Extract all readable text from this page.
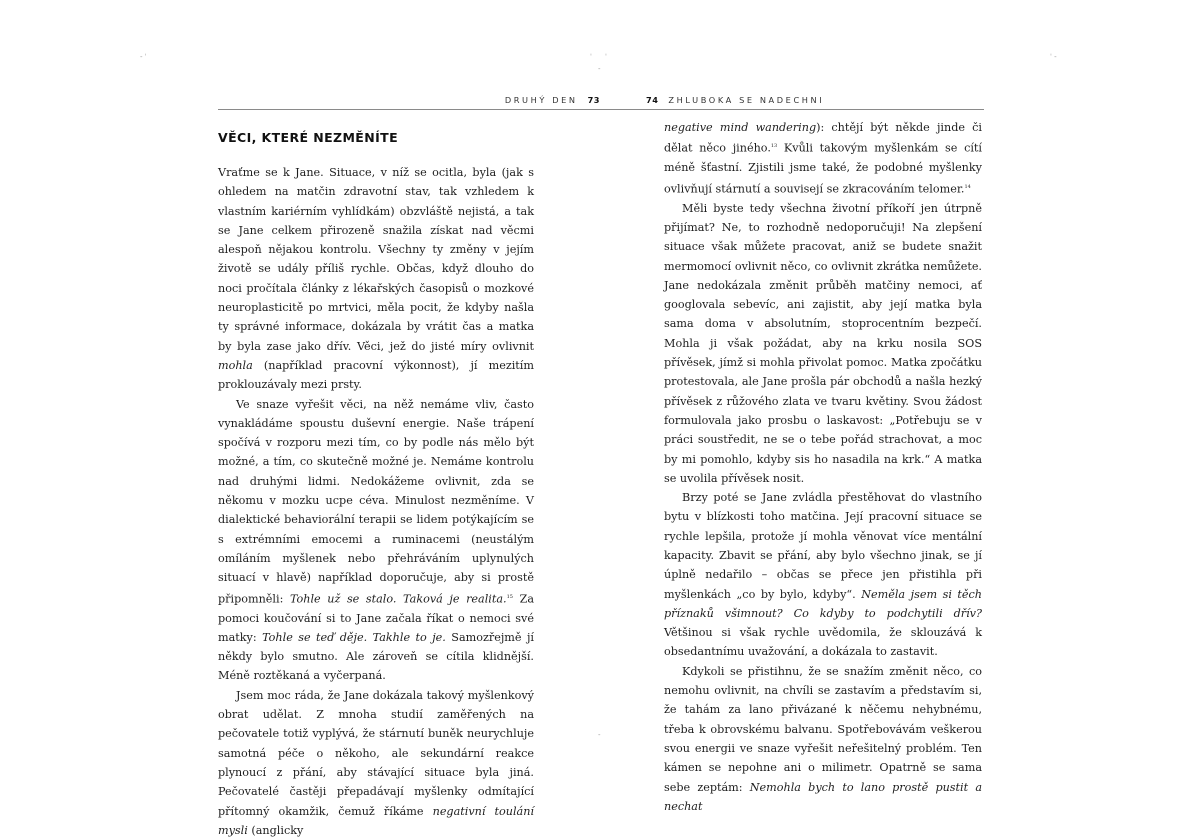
- ˈ	ˈ ˈ
-
ˈ -
-
DRUHÝ DEN 73
VĚCI, KTERÉ NEZMĚNÍTE

Vraťme se k Jane. Situace, v níž se ocitla, byla (jak s ohledem na matčin zdravotní stav, tak vzhledem k vlastním kariérním vyhlídkám) obzvláště nejistá, a tak se Jane celkem přirozeně snažila získat nad věcmi alespoň nějakou kontrolu. Všechny ty změny v jejím životě se udály příliš rychle. Občas, když dlouho do noci pročítala články z lékařských časopisů o mozkové neuroplasticitě po mrtvici, měla pocit, že kdyby našla ty správné informace, dokázala by vrátit čas a matka by byla zase jako dřív. Věci, jež do jisté míry ovlivnit mohla (například pracovní výkonnost), jí mezitím proklouzávaly mezi prsty.

Ve snaze vyřešit věci, na něž nemáme vliv, často vynakládáme spoustu duševní energie. Naše trápení spočívá v rozporu mezi tím, co by podle nás mělo být možné, a tím, co skutečně možné je. Nemáme kontrolu nad druhými lidmi. Nedokážeme ovlivnit, zda se někomu v mozku ucpe céva. Minulost nezměníme. V dialektické behaviorální terapii se lidem potýkajícím se s extrémními emocemi a ruminacemi (neustálým omíláním myšlenek nebo přehráváním uplynulých situací v hlavě) například doporučuje, aby si prostě připomněli: Tohle už se stalo. Taková je realita.$^{15}$ Za pomoci koučování si to Jane začala říkat o nemoci své matky: Tohle se teď děje. Takhle to je. Samozřejmě jí někdy bylo smutno. Ale zároveň se cítila klidnější. Méně roztěkaná a vyčerpaná.

Jsem moc ráda, že Jane dokázala takový myšlenkový obrat udělat. Z mnoha studií zaměřených na pečovatele totiž vyplývá, že stárnutí buněk neurychluje samotná péče o někoho, ale sekundární reakce plynoucí z přání, aby stávající situace byla jiná. Pečovatelé častěji přepadávají myšlenky odmítající přítomný okamžik, čemuž říkáme negativní toulání mysli (anglicky

74 ZHLUBOKA SE NADECHNI

negative mind wandering): chtějí být někde jinde či dělat něco jiného.$^{13}$ Kvůli takovým myšlenkám se cítí méně šťastní. Zjistili jsme také, že podobné myšlenky ovlivňují stárnutí a souvisejí se zkracováním telomer.$^{14}$

Měli byste tedy všechna životní příkoří jen útrpně přijímat? Ne, to rozhodně nedoporučuji! Na zlepšení situace však můžete pracovat, aniž se budete snažit mermomocí ovlivnit něco, co ovlivnit zkrátka nemůžete. Jane nedokázala změnit průběh matčiny nemoci, ať googlovala sebevíc, ani zajistit, aby její matka byla sama doma v absolutním, stoprocentním bezpečí. Mohla ji však požádat, aby na krku nosila SOS přívěsek, jímž si mohla přivolat pomoc. Matka zpočátku protestovala, ale Jane prošla pár obchodů a našla hezký přívěsek z růžového zlata ve tvaru květiny. Svou žádost formulovala jako prosbu o laskavost: „Potřebuju se v práci soustředit, ne se o tebe pořád strachovat, a moc by mi pomohlo, kdyby sis ho nasadila na krk.“ A matka se uvolila přívěsek nosit.

Brzy poté se Jane zvládla přestěhovat do vlastního bytu v blízkosti toho matčina. Její pracovní situace se rychle lepšila, protože jí mohla věnovat více mentální kapacity. Zbavit se přání, aby bylo všechno jinak, se jí úplně nedařilo – občas se přece jen přistihla při myšlenkách „co by bylo, kdyby“. Neměla jsem si těch příznaků všimnout? Co kdyby to podchytili dřív? Většinou si však rychle uvědomila, že sklouzává k obsedantnímu uvažování, a dokázala to zastavit.

Kdykoli se přistihnu, že se snažím změnit něco, co nemohu ovlivnit, na chvíli se zastavím a představím si, že tahám za lano přivázané k něčemu nehybnému, třeba k obrovskému balvanu. Spotřebovávám veškerou svou energii ve snaze vyřešit neřešitelný problém. Ten kámen se nepohne ani o milimetr. Opatrně se sama sebe zeptám: Nemohla bych to lano prostě pustit a nechat
